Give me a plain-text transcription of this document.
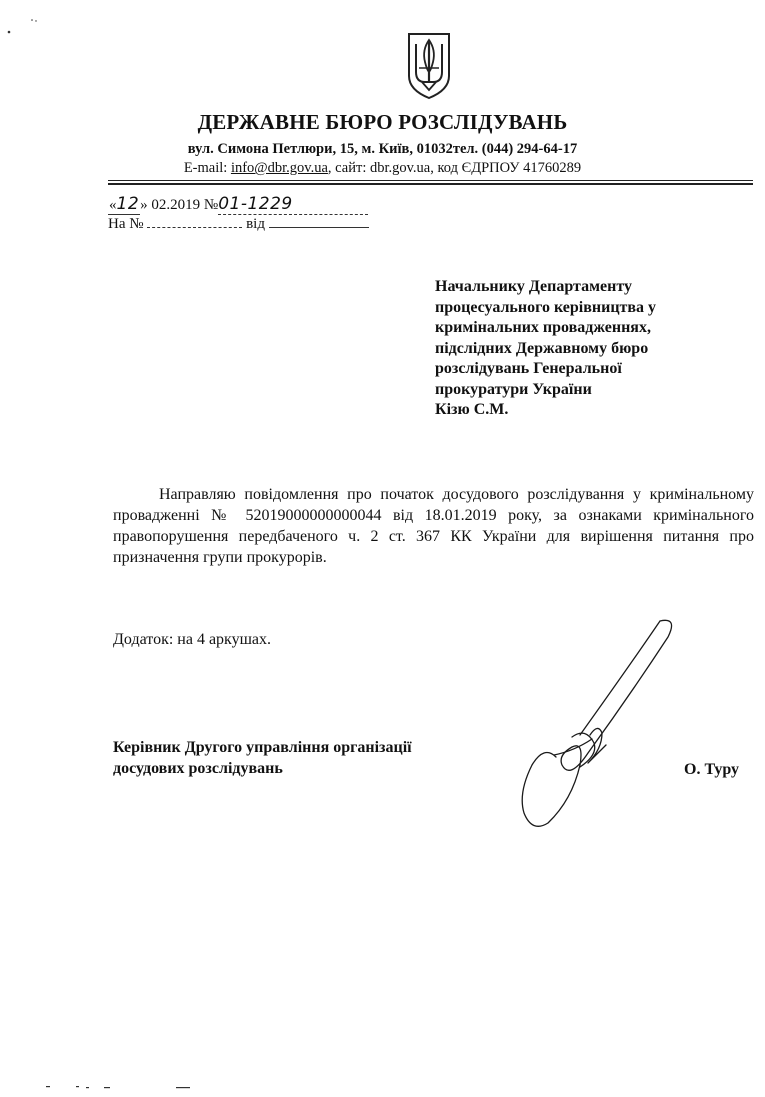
ДЕРЖАВНЕ БЮРО РОЗСЛІДУВАНЬ
вул. Симона Петлюри, 15, м. Київ, 01032тел. (044) 294-64-17
E-mail: info@dbr.gov.ua, сайт: dbr.gov.ua, код ЄДРПОУ 41760289
«12» 02.2019 №01-1229
На №	від
Начальнику Департаменту
процесуального керівництва у
кримінальних провадженнях,
підслідних Державному бюро
розслідувань Генеральної
прокуратури України
Кізю С.М.
Направляю повідомлення про початок досудового розслідування у кримінальному провадженні № 52019000000000044 від 18.01.2019 року, за ознаками кримінального правопорушення передбаченого ч. 2 ст. 367 КК України для вирішення питання про призначення групи прокурорів.
Додаток: на 4 аркушах.
Керівник Другого управління організації
досудових розслідувань	О. Туру
